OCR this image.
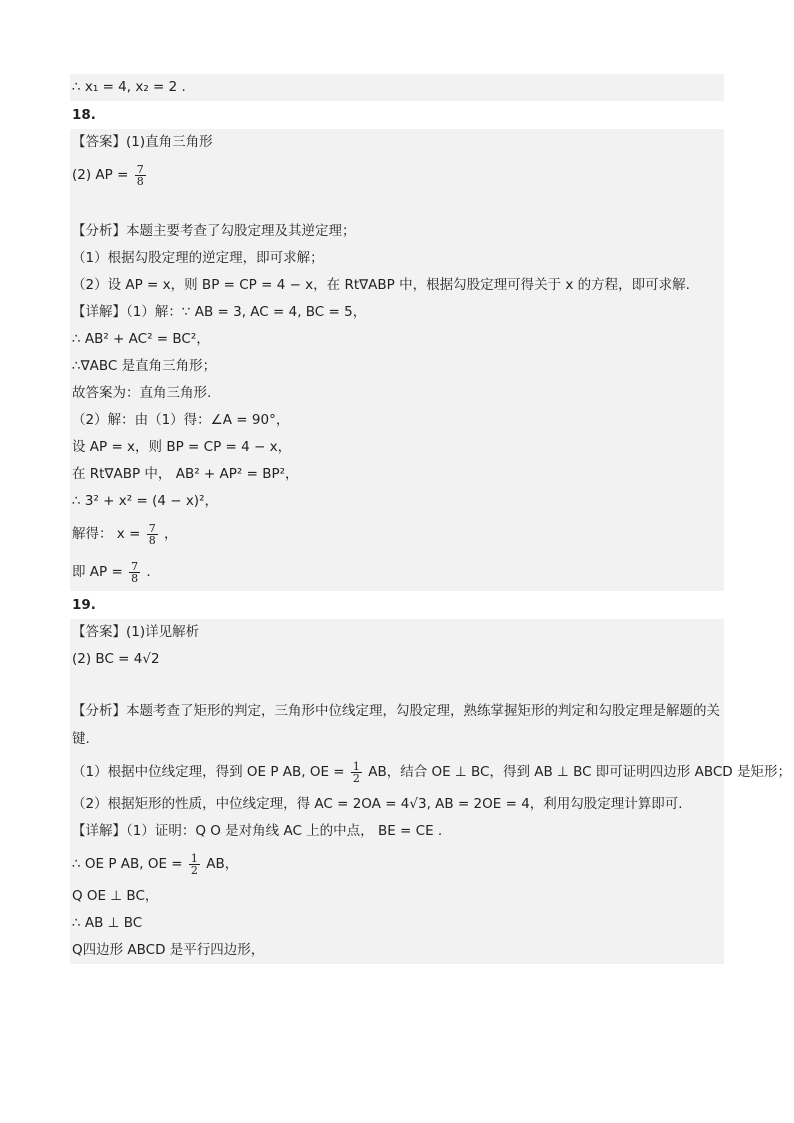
∴ x₁ = 4, x₂ = 2 .
18.
【答案】(1)直角三角形
(2) AP = $\frac{7}{8}$
【分析】本题主要考查了勾股定理及其逆定理；
（1）根据勾股定理的逆定理，即可求解；
（2）设 AP = x，则 BP = CP = 4 − x，在 Rt∇ABP 中，根据勾股定理可得关于 x 的方程，即可求解.
【详解】（1）解：∵ AB = 3, AC = 4, BC = 5，
∴ AB² + AC² = BC²，
∴∇ABC 是直角三角形；
故答案为：直角三角形.
（2）解：由（1）得：∠A = 90°，
设 AP = x，则 BP = CP = 4 − x，
在 Rt∇ABP 中， AB² + AP² = BP²，
∴ 3² + x² = (4 − x)²，
解得： $x = \frac{7}{8}$ ，
即 AP = $\frac{7}{8}$ .
19.
【答案】(1)详见解析
(2) BC = 4√2
【分析】本题考查了矩形的判定，三角形中位线定理，勾股定理，熟练掌握矩形的判定和勾股定理是解题的关键.
（1）根据中位线定理，得到 OE P AB, OE = $\frac{1}{2}$ AB，结合 OE ⊥ BC，得到 AB ⊥ BC 即可证明四边形 ABCD 是矩形；
（2）根据矩形的性质，中位线定理，得 AC = 2OA = 4√3, AB = 2OE = 4，利用勾股定理计算即可.
【详解】（1）证明：Q O 是对角线 AC 上的中点， BE = CE .
∴ OE P AB, OE = $\frac{1}{2}$ AB，
Q OE ⊥ BC，
∴ AB ⊥ BC
Q四边形 ABCD 是平行四边形，
